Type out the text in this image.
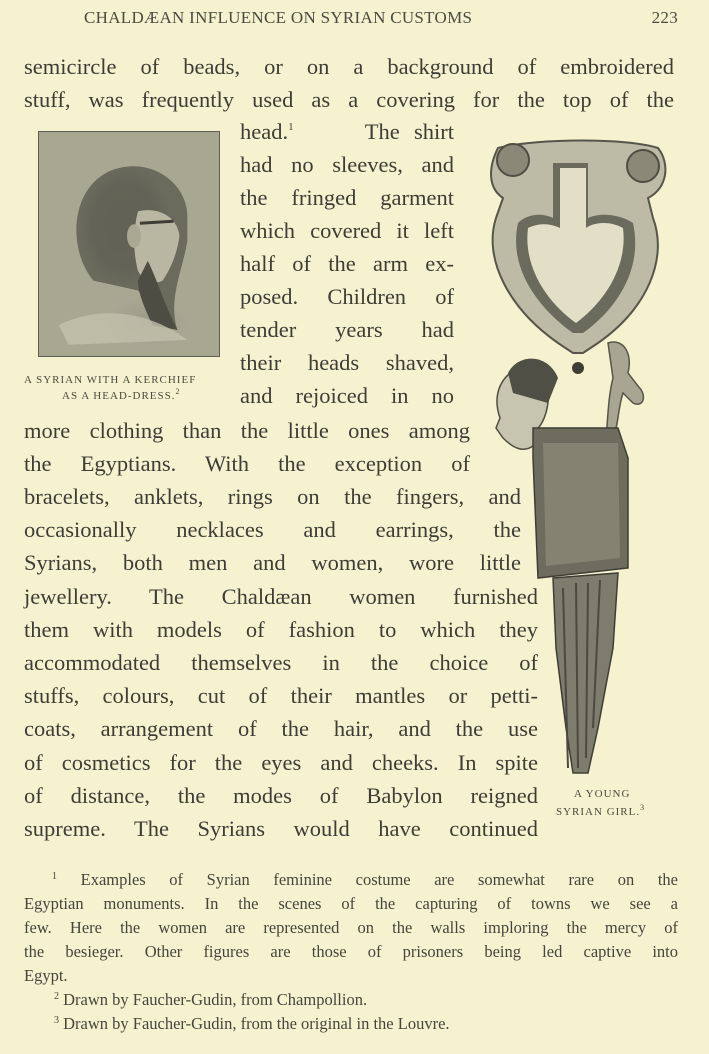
CHALDÆAN INFLUENCE ON SYRIAN CUSTOMS	223
semicircle of beads, or on a background of embroidered
stuff, was frequently used as a covering for the top of the
head.$^1$	The shirt
had no sleeves, and
the fringed garment
which covered it left
half of the arm ex-
posed. Children of
tender years had
their heads shaved,
and rejoiced in no
more clothing than the little ones among
the Egyptians. With the exception of
bracelets, anklets, rings on the fingers, and
occasionally necklaces and earrings, the
Syrians, both men and women, wore little
jewellery. The Chaldæan women furnished
them with models of fashion to which they
accommodated themselves in the choice of
stuffs, colours, cut of their mantles or petti-
coats, arrangement of the hair, and the use
of cosmetics for the eyes and cheeks. In spite
of distance, the modes of Babylon reigned
supreme. The Syrians would have continued
A SYRIAN WITH A KERCHIEF
AS A HEAD-DRESS.$^2$
A YOUNG
SYRIAN GIRL.$^3$
$^1$ Examples of Syrian feminine costume are somewhat rare on the
Egyptian monuments. In the scenes of the capturing of towns we see a
few. Here the women are represented on the walls imploring the mercy of
the besieger. Other figures are those of prisoners being led captive into
Egypt.
$^2$ Drawn by Faucher-Gudin, from Champollion.
$^3$ Drawn by Faucher-Gudin, from the original in the Louvre.
